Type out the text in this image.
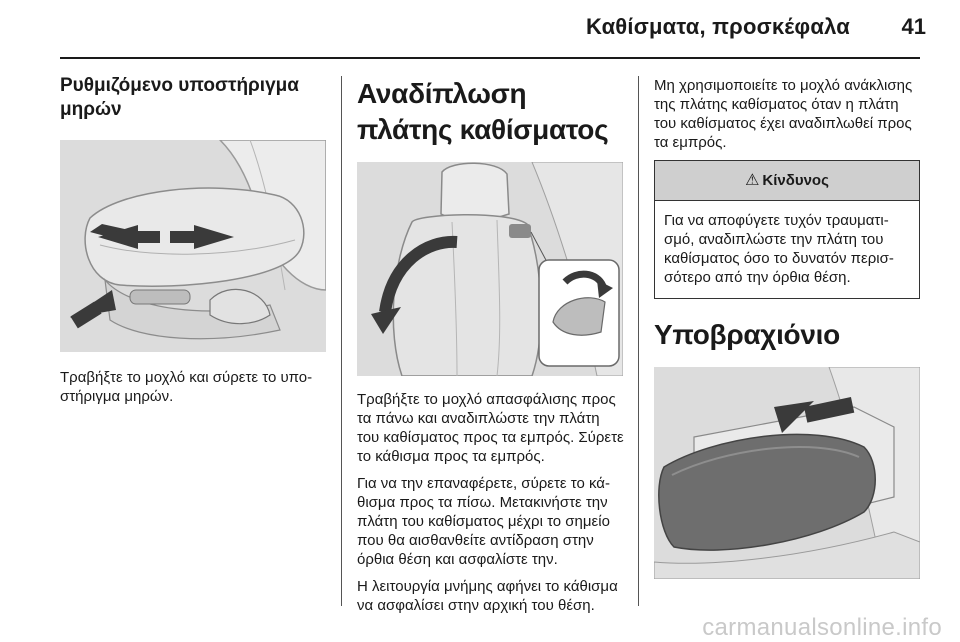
Καθίσματα, προσκέφαλα	41
Ρυθμιζόμενο υποστήριγμα μηρών

Τραβήξτε το μοχλό και σύρετε το υποστήριγμα μηρών.

Αναδίπλωση πλάτης καθίσματος

Τραβήξτε το μοχλό απασφάλισης προς τα πάνω και αναδιπλώστε την πλάτη του καθίσματος προς τα εμπρός. Σύρετε το κάθισμα προς τα εμπρός.

Για να την επαναφέρετε, σύρετε το κάθισμα προς τα πίσω. Μετακινήστε την πλάτη του καθίσματος μέχρι το σημείο που θα αισθανθείτε αντίδραση στην όρθια θέση και ασφαλίστε την.

Η λειτουργία μνήμης αφήνει το κάθισμα να ασφαλίσει στην αρχική του θέση.

Μη χρησιμοποιείτε το μοχλό ανάκλισης της πλάτης καθίσματος όταν η πλάτη του καθίσματος έχει αναδιπλωθεί προς τα εμπρός.

⚠ Κίνδυνος
Για να αποφύγετε τυχόν τραυματισμό, αναδιπλώστε την πλάτη του καθίσματος όσο το δυνατόν περισσότερο από την όρθια θέση.
Υποβραχιόνιο
carmanualsonline.info
